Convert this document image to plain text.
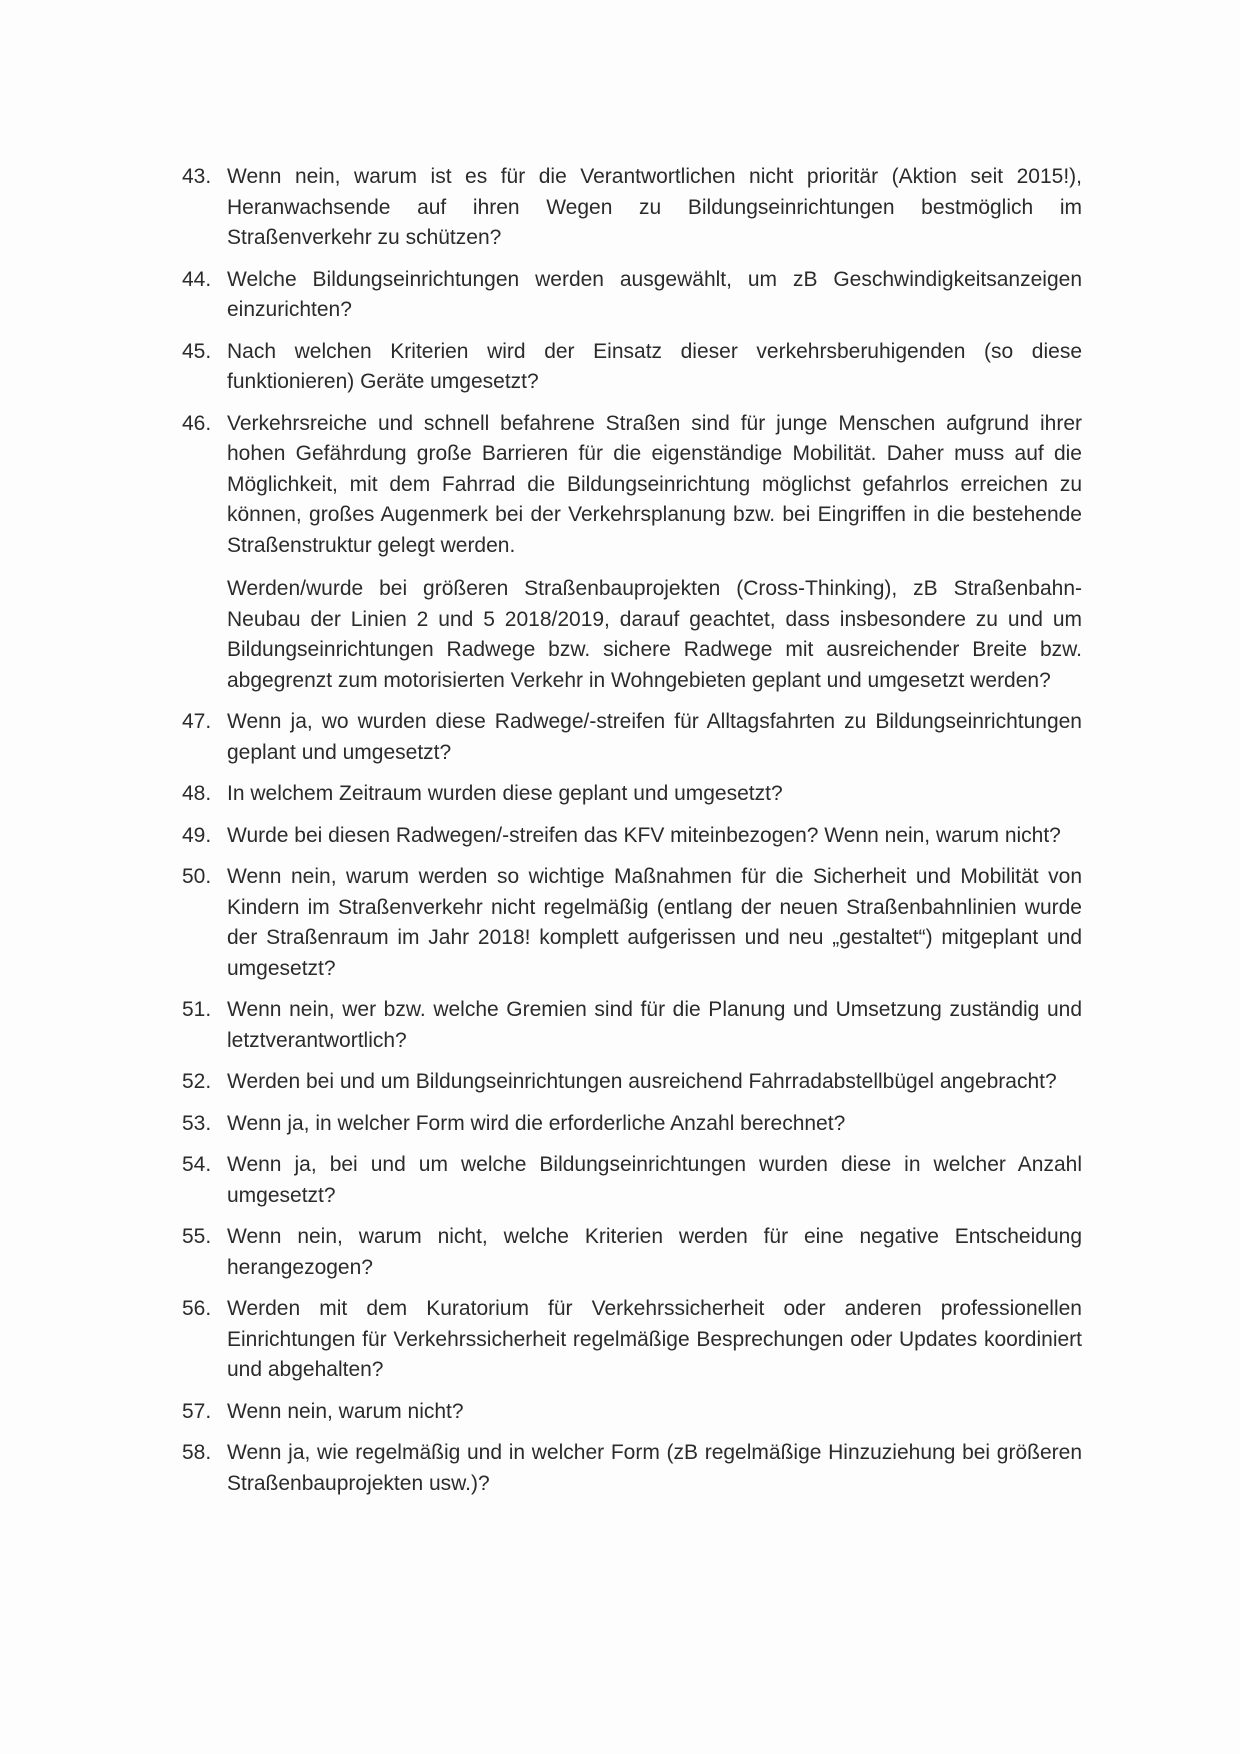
43. Wenn nein, warum ist es für die Verantwortlichen nicht prioritär (Aktion seit 2015!), Heranwachsende auf ihren Wegen zu Bildungseinrichtungen bestmöglich im Straßenverkehr zu schützen?
44. Welche Bildungseinrichtungen werden ausgewählt, um zB Geschwindigkeitsanzeigen einzurichten?
45. Nach welchen Kriterien wird der Einsatz dieser verkehrsberuhigenden (so diese funktionieren) Geräte umgesetzt?
46. Verkehrsreiche und schnell befahrene Straßen sind für junge Menschen aufgrund ihrer hohen Gefährdung große Barrieren für die eigenständige Mobilität. Daher muss auf die Möglichkeit, mit dem Fahrrad die Bildungseinrichtung möglichst gefahrlos erreichen zu können, großes Augenmerk bei der Verkehrsplanung bzw. bei Eingriffen in die bestehende Straßenstruktur gelegt werden.
Werden/wurde bei größeren Straßenbauprojekten (Cross-Thinking), zB Straßenbahn-Neubau der Linien 2 und 5 2018/2019, darauf geachtet, dass insbesondere zu und um Bildungseinrichtungen Radwege bzw. sichere Radwege mit ausreichender Breite bzw. abgegrenzt zum motorisierten Verkehr in Wohngebieten geplant und umgesetzt werden?
47. Wenn ja, wo wurden diese Radwege/-streifen für Alltagsfahrten zu Bildungseinrichtungen geplant und umgesetzt?
48. In welchem Zeitraum wurden diese geplant und umgesetzt?
49. Wurde bei diesen Radwegen/-streifen das KFV miteinbezogen? Wenn nein, warum nicht?
50. Wenn nein, warum werden so wichtige Maßnahmen für die Sicherheit und Mobilität von Kindern im Straßenverkehr nicht regelmäßig (entlang der neuen Straßenbahnlinien wurde der Straßenraum im Jahr 2018! komplett aufgerissen und neu „gestaltet“) mitgeplant und umgesetzt?
51. Wenn nein, wer bzw. welche Gremien sind für die Planung und Umsetzung zuständig und letztverantwortlich?
52. Werden bei und um Bildungseinrichtungen ausreichend Fahrradabstellbügel angebracht?
53. Wenn ja, in welcher Form wird die erforderliche Anzahl berechnet?
54. Wenn ja, bei und um welche Bildungseinrichtungen wurden diese in welcher Anzahl umgesetzt?
55. Wenn nein, warum nicht, welche Kriterien werden für eine negative Entscheidung herangezogen?
56. Werden mit dem Kuratorium für Verkehrssicherheit oder anderen professionellen Einrichtungen für Verkehrssicherheit regelmäßige Besprechungen oder Updates koordiniert und abgehalten?
57. Wenn nein, warum nicht?
58. Wenn ja, wie regelmäßig und in welcher Form (zB regelmäßige Hinzuziehung bei größeren Straßenbauprojekten usw.)?
